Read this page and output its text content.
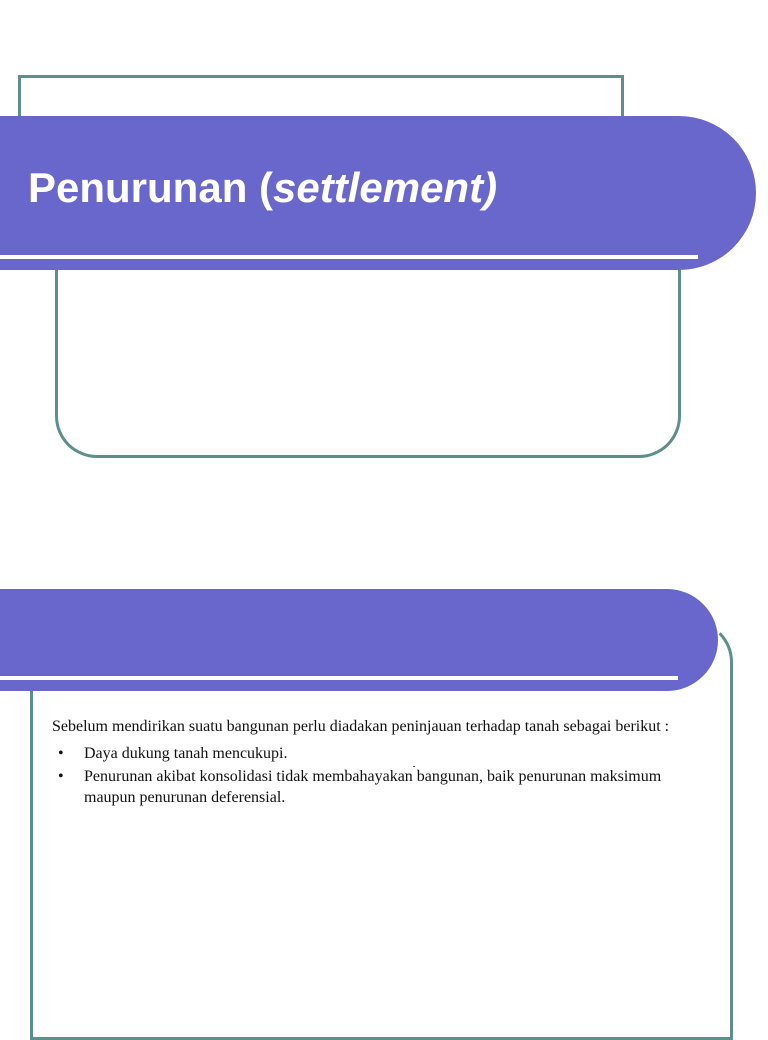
Penurunan (settlement)

Sebelum mendirikan suatu bangunan perlu diadakan peninjauan terhadap tanah sebagai berikut :

• Daya dukung tanah mencukupi.
• Penurunan akibat konsolidasi tidak membahayakan bangunan, baik penurunan maksimum maupun penurunan deferensial.
